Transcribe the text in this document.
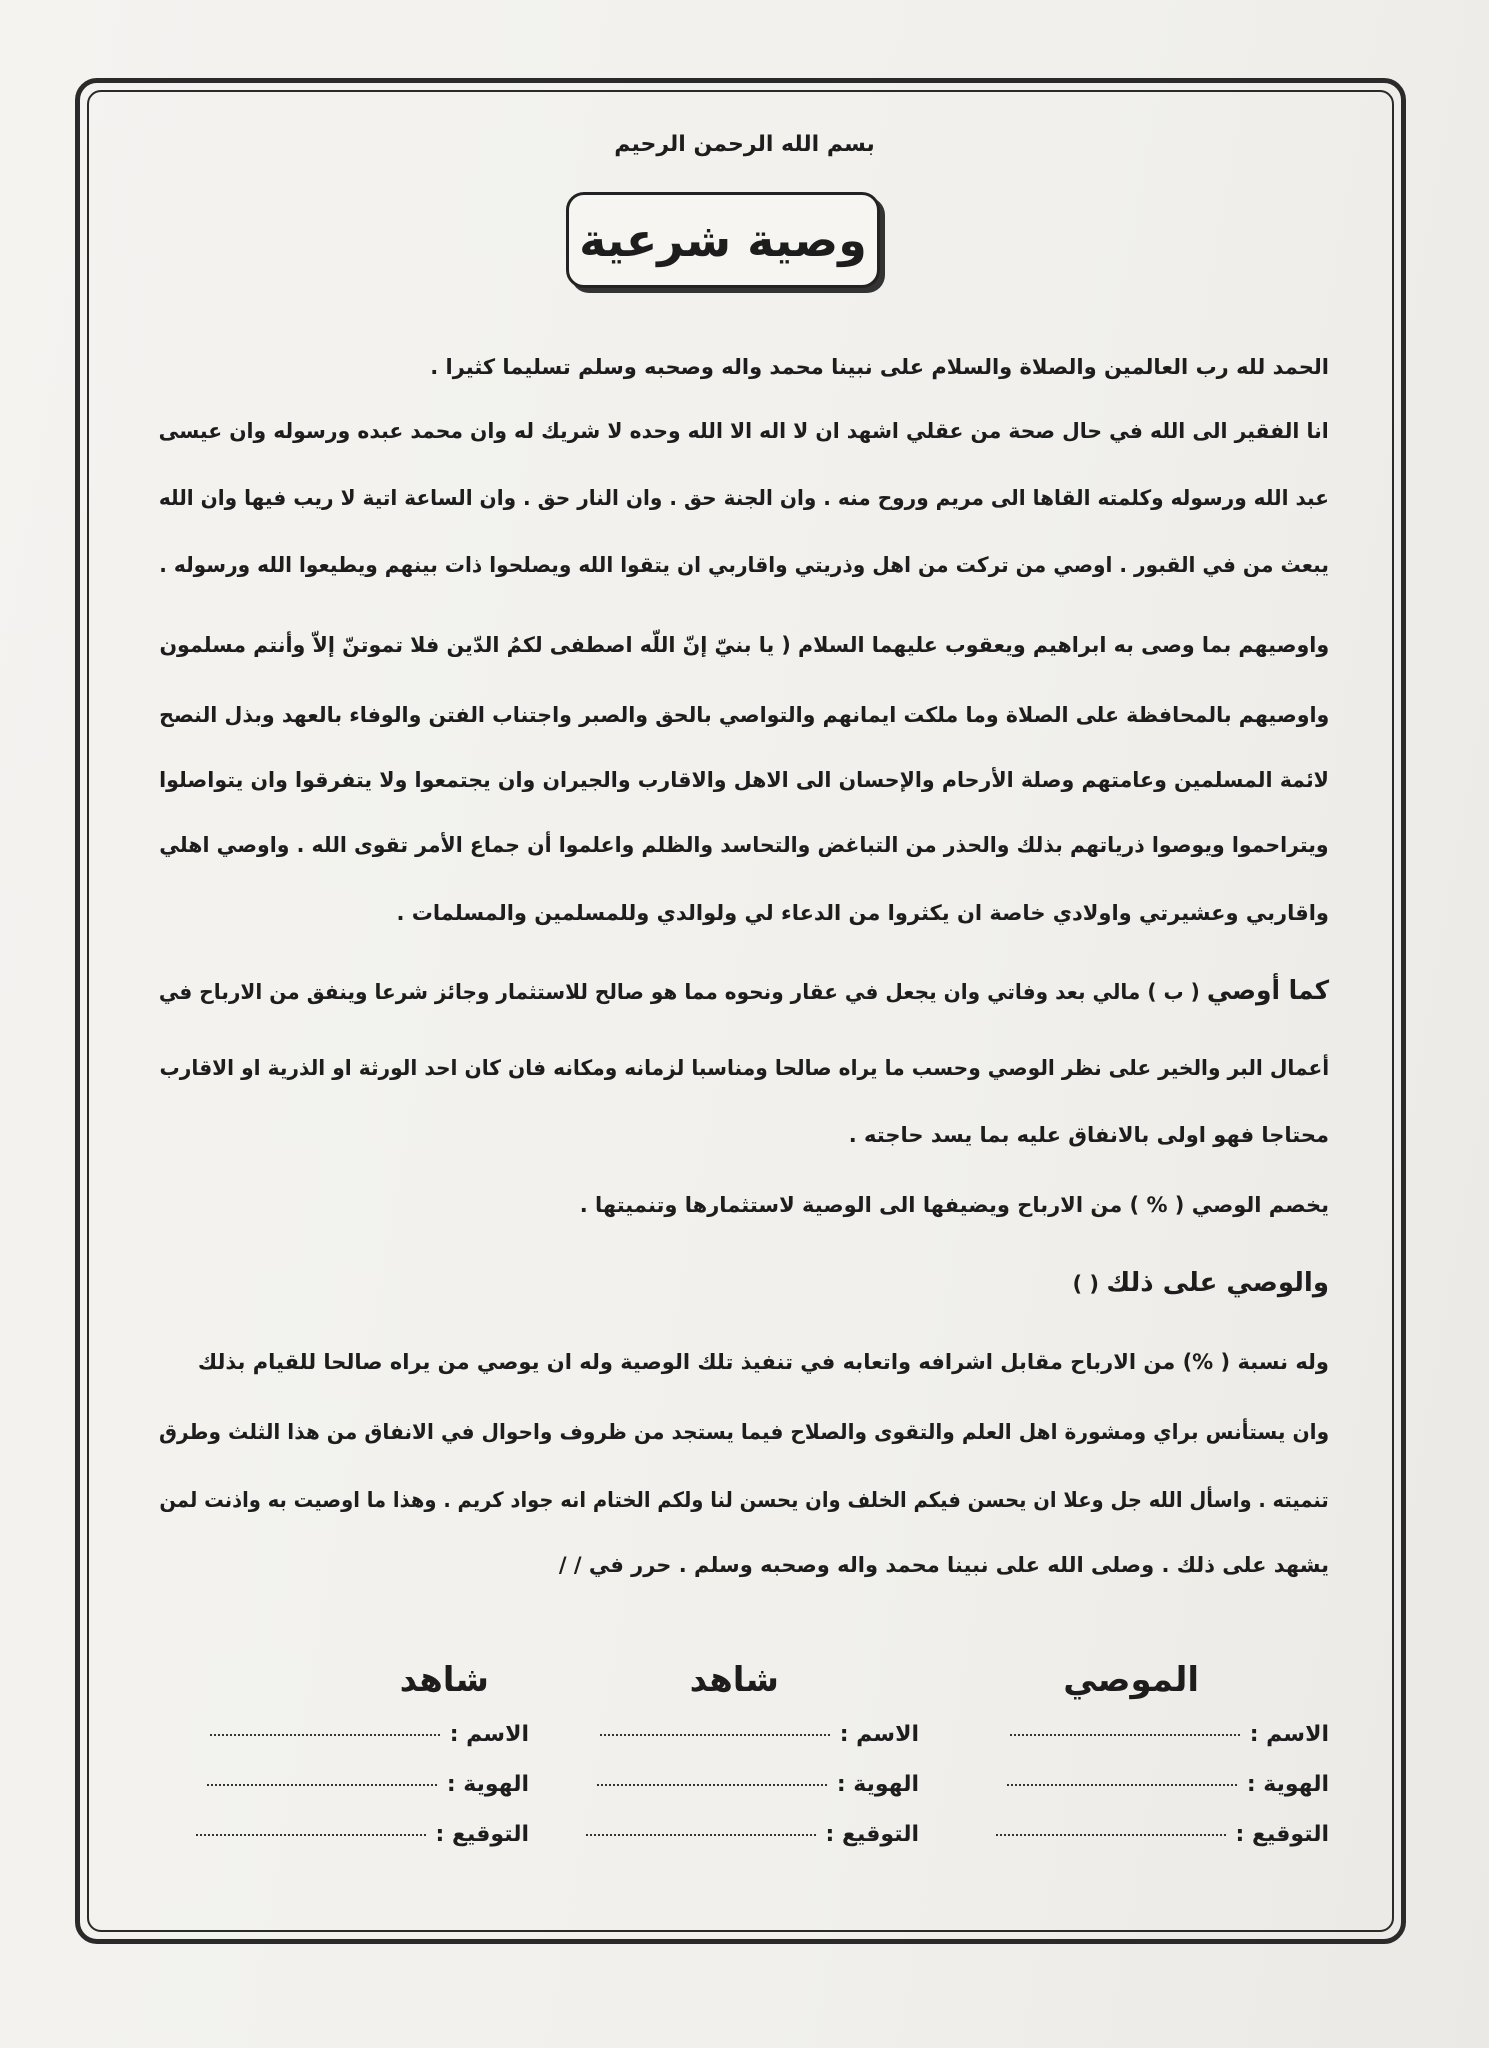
بسم الله الرحمن الرحيم
وصية شرعية
الحمد لله رب العالمين والصلاة والسلام على نبينا محمد واله وصحبه وسلم تسليما كثيرا .
انا الفقير الى الله في حال صحة من عقلي اشهد ان لا اله الا الله وحده لا شريك له وان محمد عبده ورسوله وان عيسى
عبد الله ورسوله وكلمته القاها الى مريم وروح منه . وان الجنة حق . وان النار حق . وان الساعة اتية لا ريب فيها وان الله
يبعث من في القبور . اوصي من تركت من اهل وذريتي واقاربي ان يتقوا الله ويصلحوا ذات بينهم ويطيعوا الله ورسوله .
واوصيهم بما وصى به ابراهيم ويعقوب عليهما السلام ( يا بنيّ إنّ اللّه اصطفى لكمُ الدّين فلا تموتنّ إلاّ وأنتم مسلمون
واوصيهم بالمحافظة على الصلاة وما ملكت ايمانهم والتواصي بالحق والصبر واجتناب الفتن والوفاء بالعهد وبذل النصح
لائمة المسلمين وعامتهم وصلة الأرحام والإحسان الى الاهل والاقارب والجيران وان يجتمعوا ولا يتفرقوا وان يتواصلوا
ويتراحموا ويوصوا ذرياتهم بذلك والحذر من التباغض والتحاسد والظلم واعلموا أن جماع الأمر تقوى الله . واوصي اهلي
واقاربي وعشيرتي واولادي خاصة ان يكثروا من الدعاء لي ولوالدي وللمسلمين والمسلمات .
كما أوصي ( ب ) مالي بعد وفاتي وان يجعل في عقار ونحوه مما هو صالح للاستثمار وجائز شرعا وينفق من الارباح في
أعمال البر والخير على نظر الوصي وحسب ما يراه صالحا ومناسبا لزمانه ومكانه فان كان احد الورثة او الذرية او الاقارب
محتاجا فهو اولى بالانفاق عليه بما يسد حاجته .
يخصم الوصي ( % ) من الارباح ويضيفها الى الوصية لاستثمارها وتنميتها .
والوصي على ذلك ( )
وله نسبة ( %) من الارباح مقابل اشرافه واتعابه في تنفيذ تلك الوصية وله ان يوصي من يراه صالحا للقيام بذلك
وان يستأنس براي ومشورة اهل العلم والتقوى والصلاح فيما يستجد من ظروف واحوال في الانفاق من هذا الثلث وطرق
تنميته . واسأل الله جل وعلا ان يحسن فيكم الخلف وان يحسن لنا ولكم الختام انه جواد كريم . وهذا ما اوصيت به واذنت لمن
يشهد على ذلك . وصلى الله على نبينا محمد واله وصحبه وسلم . حرر في / /
الموصي
الاسم :
الهوية :
التوقيع :
شاهد
الاسم :
الهوية :
التوقيع :
شاهد
الاسم :
الهوية :
التوقيع :
